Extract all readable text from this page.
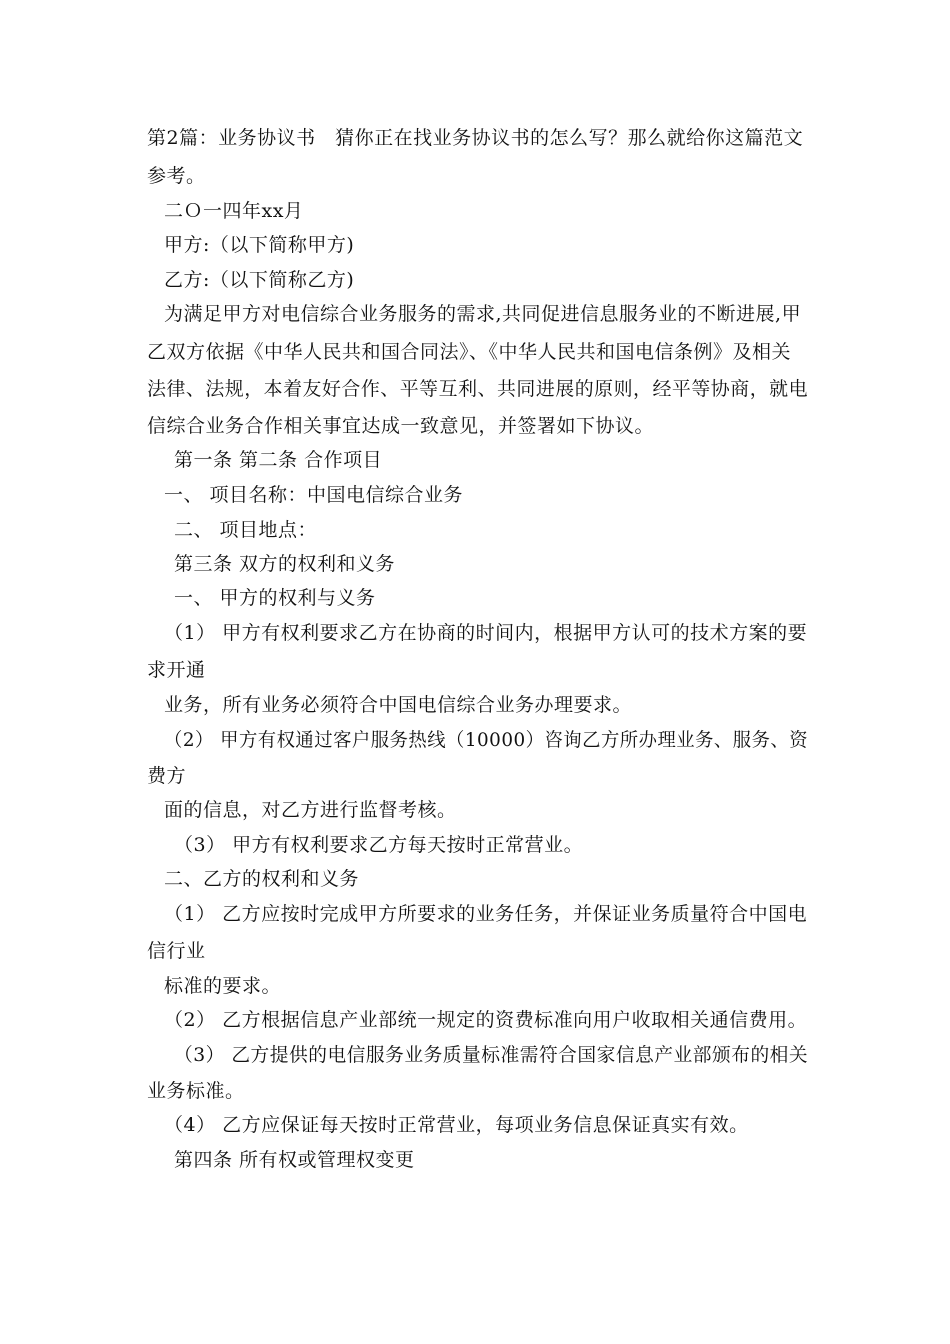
第2篇：业务协议书　猜你正在找业务协议书的怎么写？那么就给你这篇范文
参考。
二Ｏ一四年xx月
甲方:（以下简称甲方)
乙方:（以下简称乙方)
为满足甲方对电信综合业务服务的需求,共同促进信息服务业的不断进展,甲
乙双方依据《中华人民共和国合同法》、《中华人民共和国电信条例》及相关
法律、法规，本着友好合作、平等互利、共同进展的原则，经平等协商，就电
信综合业务合作相关事宜达成一致意见，并签署如下协议。
第一条 第二条 合作项目
一、 项目名称：中国电信综合业务
二、 项目地点：
第三条 双方的权利和义务
一、 甲方的权利与义务
（1） 甲方有权利要求乙方在协商的时间内，根据甲方认可的技术方案的要
求开通
业务，所有业务必须符合中国电信综合业务办理要求。
（2） 甲方有权通过客户服务热线（10000）咨询乙方所办理业务、服务、资
费方
面的信息，对乙方进行监督考核。
（3） 甲方有权利要求乙方每天按时正常营业。
二、乙方的权利和义务
（1） 乙方应按时完成甲方所要求的业务任务，并保证业务质量符合中国电
信行业
标准的要求。
（2） 乙方根据信息产业部统一规定的资费标准向用户收取相关通信费用。
（3） 乙方提供的电信服务业务质量标准需符合国家信息产业部颁布的相关
业务标准。
（4） 乙方应保证每天按时正常营业，每项业务信息保证真实有效。
第四条 所有权或管理权变更
